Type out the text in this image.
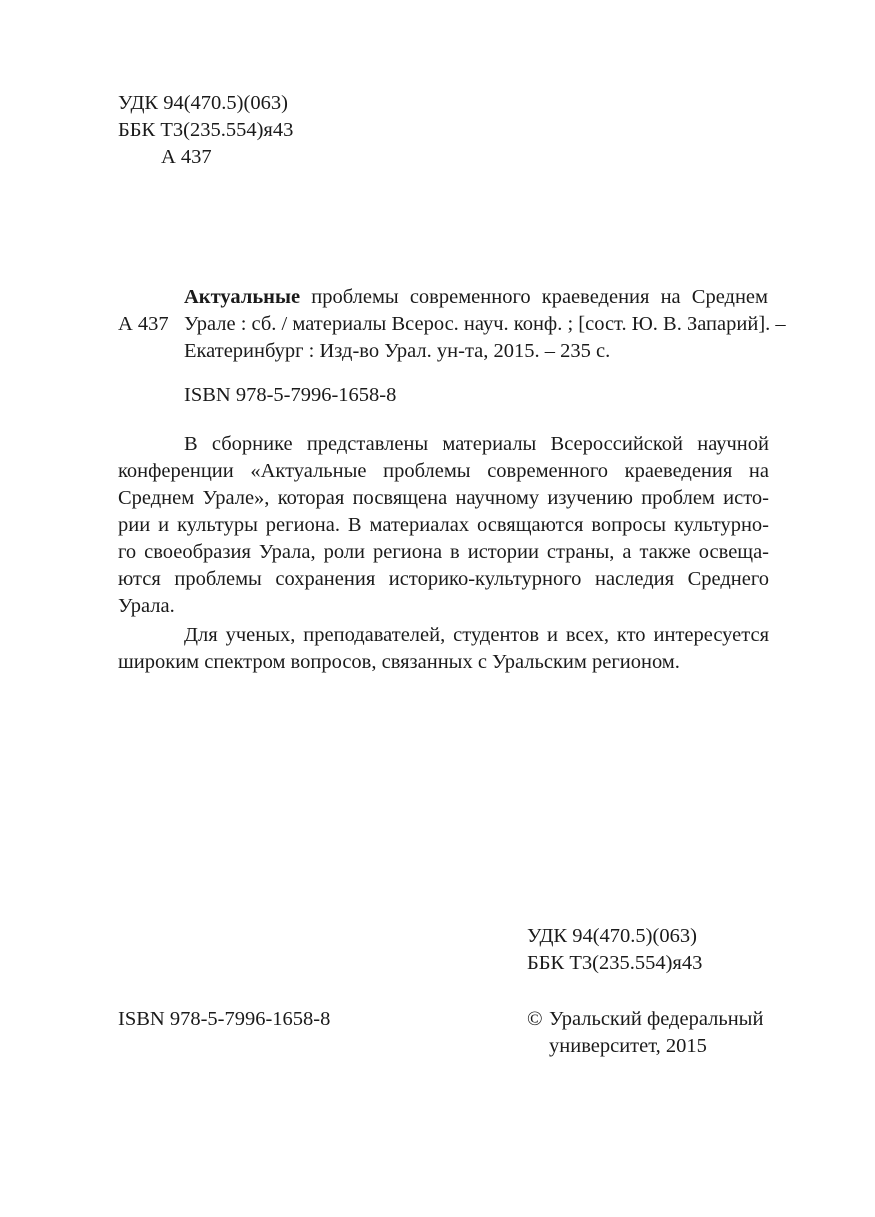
УДК 94(470.5)(063)
ББК Т3(235.554)я43
А 437
А 437
Актуальные проблемы современного краеведения на Среднем
Урале : сб. / материалы Всерос. науч. конф. ; [сост. Ю. В. Запарий]. –
Екатеринбург : Изд-во Урал. ун-та, 2015. – 235 с.
ISBN 978-5-7996-1658-8
В сборнике представлены материалы Всероссийской научной
конференции «Актуальные проблемы современного краеведения на
Среднем Урале», которая посвящена научному изучению проблем исто-
рии и культуры региона. В материалах освящаются вопросы культурно-
го своеобразия Урала, роли региона в истории страны, а также освеща-
ются проблемы сохранения историко-культурного наследия Среднего
Урала.
Для ученых, преподавателей, студентов и всех, кто интересуется
широким спектром вопросов, связанных с Уральским регионом.
УДК 94(470.5)(063)
ББК Т3(235.554)я43
ISBN 978-5-7996-1658-8	© Уральский федеральный
университет, 2015
